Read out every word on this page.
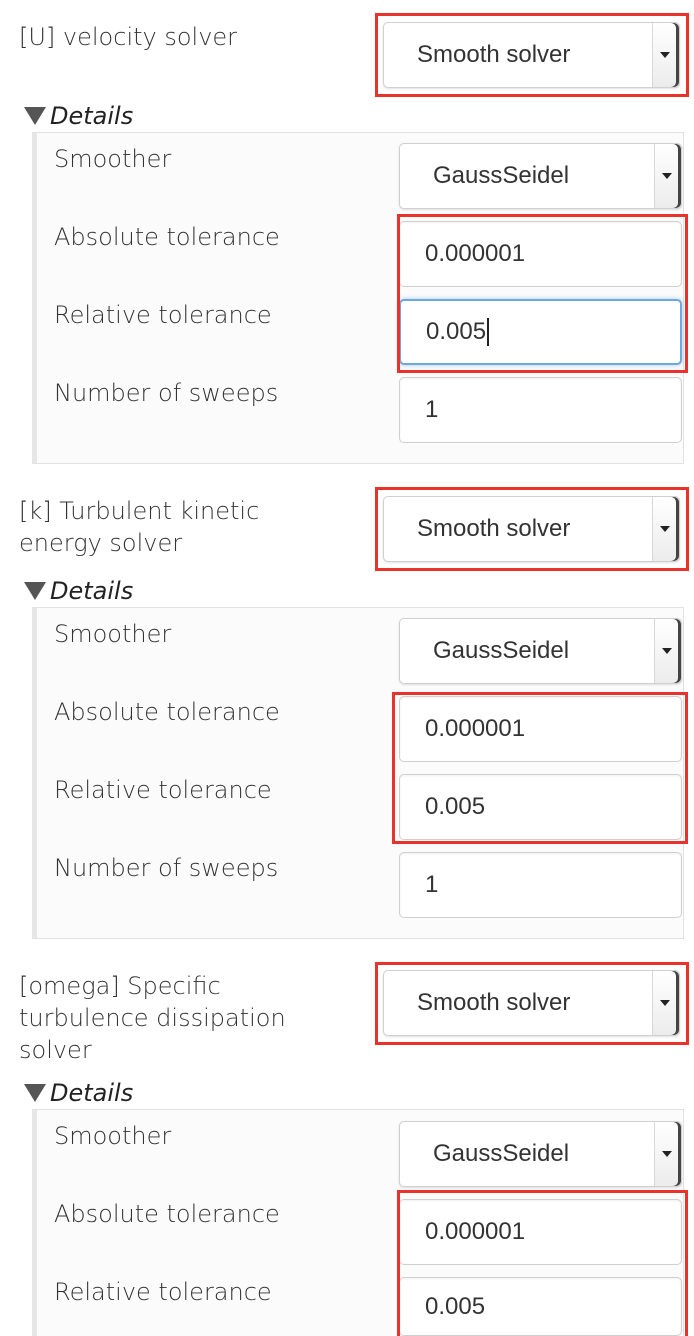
[U] velocity solver
Smooth solver
Details
Smoother
GaussSeidel
Absolute tolerance
0.000001
Relative tolerance
0.005
Number of sweeps
1
[k] Turbulent kinetic energy solver
Smooth solver
Details
Smoother
GaussSeidel
Absolute tolerance
0.000001
Relative tolerance
0.005
Number of sweeps
1
[omega] Specific turbulence dissipation solver
Smooth solver
Details
Smoother
GaussSeidel
Absolute tolerance
0.000001
Relative tolerance	0.005
